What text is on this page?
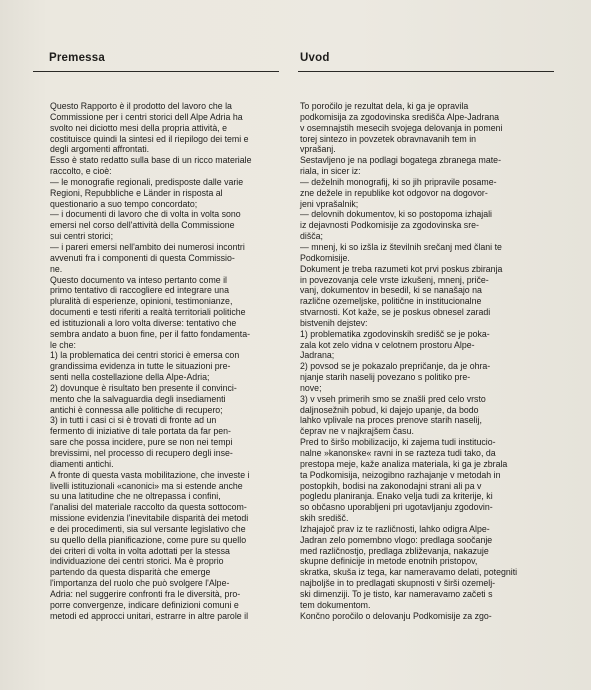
Premessa	Uvod
Questo Rapporto è il prodotto del lavoro che la
Commissione per i centri storici dell Alpe Adria ha
svolto nei diciotto mesi della propria attività, e
costituisce quindi la sintesi ed il riepilogo dei temi e
degli argomenti affrontati.
Esso è stato redatto sulla base di un ricco materiale
raccolto, e cioè:
— le monografie regionali, predisposte dalle varie
Regioni, Repubbliche e Länder in risposta al
questionario a suo tempo concordato;
— i documenti di lavoro che di volta in volta sono
emersi nel corso dell'attività della Commissione
sui centri storici;
— i pareri emersi nell'ambito dei numerosi incontri
avvenuti fra i componenti di questa Commissio-
ne.
Questo documento va inteso pertanto come il
primo tentativo di raccogliere ed integrare una
pluralità di esperienze, opinioni, testimonianze,
documenti e testi riferiti a realtà territoriali politiche
ed istituzionali a loro volta diverse: tentativo che
sembra andato a buon fine, per il fatto fondamenta-
le che:
1) la problematica dei centri storici è emersa con
grandissima evidenza in tutte le situazioni pre-
senti nella costellazione della Alpe-Adria;
2) dovunque è risultato ben presente il convinci-
mento che la salvaguardia degli insediamenti
antichi è connessa alle politiche di recupero;
3) in tutti i casi ci si è trovati di fronte ad un
fermento di iniziative di tale portata da far pen-
sare che possa incidere, pure se non nei tempi
brevissimi, nel processo di recupero degli inse-
diamenti antichi.
A fronte di questa vasta mobilitazione, che investe i
livelli istituzionali «canonici» ma si estende anche
su una latitudine che ne oltrepassa i confini,
l'analisi del materiale raccolto da questa sottocom-
missione evidenzia l'inevitabile disparità dei metodi
e dei procedimenti, sia sul versante legislativo che
su quello della pianificazione, come pure su quello
dei criteri di volta in volta adottati per la stessa
individuazione dei centri storici. Ma è proprio
partendo da questa disparità che emerge
l'importanza del ruolo che può svolgere l'Alpe-
Adria: nel suggerire confronti fra le diversità, pro-
porre convergenze, indicare definizioni comuni e
metodi ed approcci unitari, estrarre in altre parole il
To poročilo je rezultat dela, ki ga je opravila
podkomisija za zgodovinska središča Alpe-Jadrana
v osemnajstih mesecih svojega delovanja in pomeni
torej sintezo in povzetek obravnavanih tem in
vprašanj.
Sestavljeno je na podlagi bogatega zbranega mate-
riala, in sicer iz:
— deželnih monografij, ki so jih pripravile posame-
zne dežele in republike kot odgovor na dogovor-
jeni vprašalnik;
— delovnih dokumentov, ki so postopoma izhajali
iz dejavnosti Podkomisije za zgodovinska sre-
dišča;
— mnenj, ki so izšla iz številnih srečanj med člani te
Podkomisije.
Dokument je treba razumeti kot prvi poskus zbiranja
in povezovanja cele vrste izkušenj, mnenj, priče-
vanj, dokumentov in besedil, ki se nanašajo na
različne ozemeljske, politične in institucionalne
stvarnosti. Kot kaže, se je poskus obnesel zaradi
bistvenih dejstev:
1) problematika zgodovinskih središč se je poka-
zala kot zelo vidna v celotnem prostoru Alpe-
Jadrana;
2) povsod se je pokazalo prepričanje, da je ohra-
njanje starih naselij povezano s politiko pre-
nove;
3) v vseh primerih smo se znašli pred celo vrsto
daljnosežnih pobud, ki dajejo upanje, da bodo
lahko vplivale na proces prenove starih naselij,
čeprav ne v najkrajšem času.
Pred to širšo mobilizacijo, ki zajema tudi institucio-
nalne »kanonske« ravni in se razteza tudi tako, da
prestopa meje, kaže analiza materiala, ki ga je zbrala
ta Podkomisija, neizogibno razhajanje v metodah in
postopkih, bodisi na zakonodajni strani ali pa v
pogledu planiranja. Enako velja tudi za kriterije, ki
so občasno uporabljeni pri ugotavljanju zgodovin-
skih središč.
Izhajajoč prav iz te različnosti, lahko odigra Alpe-
Jadran zelo pomembno vlogo: predlaga soočanje
med različnostjo, predlaga zbliževanja, nakazuje
skupne definicije in metode enotnih pristopov,
skratka, skuša iz tega, kar nameravamo delati, potegniti
najboljše in to predlagati skupnosti v širši ozemelj-
ski dimenziji. To je tisto, kar nameravamo začeti s
tem dokumentom.
Končno poročilo o delovanju Podkomisije za zgo-
